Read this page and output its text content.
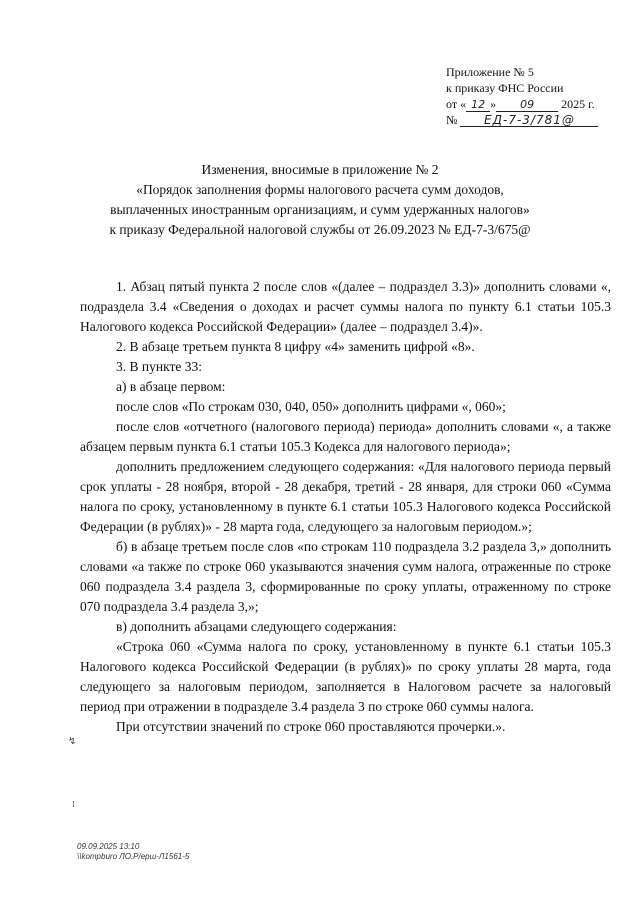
Приложение № 5
к приказу ФНС России
от « 12 » 09 2025 г.
№ ЕД-7-3/781@
Изменения, вносимые в приложение № 2
«Порядок заполнения формы налогового расчета сумм доходов,
выплаченных иностранным организациям, и сумм удержанных налогов»
к приказу Федеральной налоговой службы от 26.09.2023 № ЕД-7-3/675@

1. Абзац пятый пункта 2 после слов «(далее – подраздел 3.3)» дополнить словами «, подраздела 3.4 «Сведения о доходах и расчет суммы налога по пункту 6.1 статьи 105.3 Налогового кодекса Российской Федерации» (далее – подраздел 3.4)».

2. В абзаце третьем пункта 8 цифру «4» заменить цифрой «8».

3. В пункте 33:

а) в абзаце первом:

после слов «По строкам 030, 040, 050» дополнить цифрами «, 060»;

после слов «отчетного (налогового периода) периода» дополнить словами «, а также абзацем первым пункта 6.1 статьи 105.3 Кодекса для налогового периода»;

дополнить предложением следующего содержания: «Для налогового периода первый срок уплаты - 28 ноября, второй - 28 декабря, третий - 28 января, для строки 060 «Сумма налога по сроку, установленному в пункте 6.1 статьи 105.3 Налогового кодекса Российской Федерации (в рублях)» - 28 марта года, следующего за налоговым периодом.»;

б) в абзаце третьем после слов «по строкам 110 подраздела 3.2 раздела 3,» дополнить словами «а также по строке 060 указываются значения сумм налога, отраженные по строке 060 подраздела 3.4 раздела 3, сформированные по сроку уплаты, отраженному по строке 070 подраздела 3.4 раздела 3,»;

в) дополнить абзацами следующего содержания:

«Строка 060 «Сумма налога по сроку, установленному в пункте 6.1 статьи 105.3 Налогового кодекса Российской Федерации (в рублях)» по сроку уплаты 28 марта, года следующего за налоговым периодом, заполняется в Налоговом расчете за налоговый период при отражении в подразделе 3.4 раздела 3 по строке 060 суммы налога.

При отсутствии значений по строке 060 проставляются прочерки.».

↯
⁞
09.09.2025 13:10
\\kompburo ЛО.Р/ерш-Л1561-5
